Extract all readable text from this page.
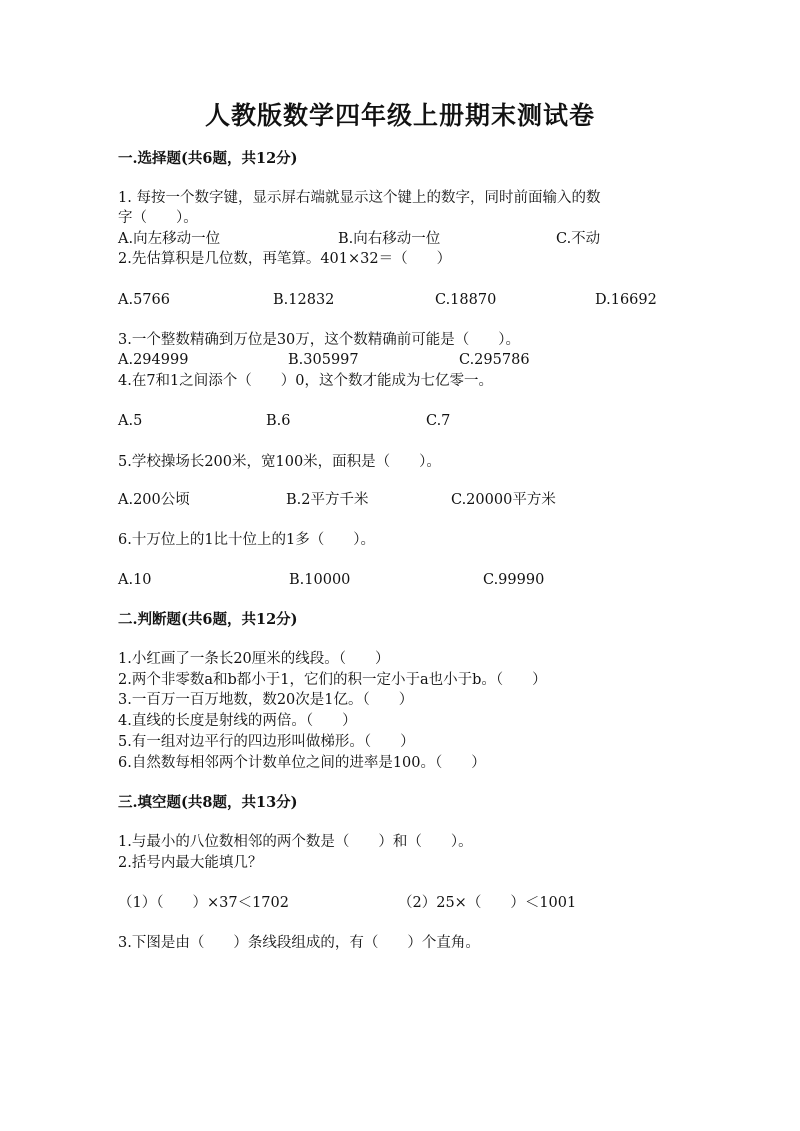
人教版数学四年级上册期末测试卷
一.选择题(共6题，共12分)
1. 每按一个数字键，显示屏右端就显示这个键上的数字，同时前面输入的数
字（　　）。
A.向左移动一位	B.向右移动一位	C.不动
2.先估算积是几位数，再笔算。401×32＝（　　）
A.5766	B.12832	C.18870	D.16692
3.一个整数精确到万位是30万，这个数精确前可能是（　　）。
A.294999	B.305997	C.295786
4.在7和1之间添个（　　）0，这个数才能成为七亿零一。
A.5	B.6	C.7
5.学校操场长200米，宽100米，面积是（　　）。
A.200公顷	B.2平方千米	C.20000平方米
6.十万位上的1比十位上的1多（　　）。
A.10	B.10000	C.99990
二.判断题(共6题，共12分)
1.小红画了一条长20厘米的线段。（　　）
2.两个非零数a和b都小于1，它们的积一定小于a也小于b。（　　）
3.一百万一百万地数，数20次是1亿。（　　）
4.直线的长度是射线的两倍。（　　）
5.有一组对边平行的四边形叫做梯形。（　　）
6.自然数每相邻两个计数单位之间的进率是100。（　　）
三.填空题(共8题，共13分)
1.与最小的八位数相邻的两个数是（　　）和（　　）。
2.括号内最大能填几？
（1）（　　）×37＜1702	（2）25×（　　）＜1001
3.下图是由（　　）条线段组成的，有（　　）个直角。
